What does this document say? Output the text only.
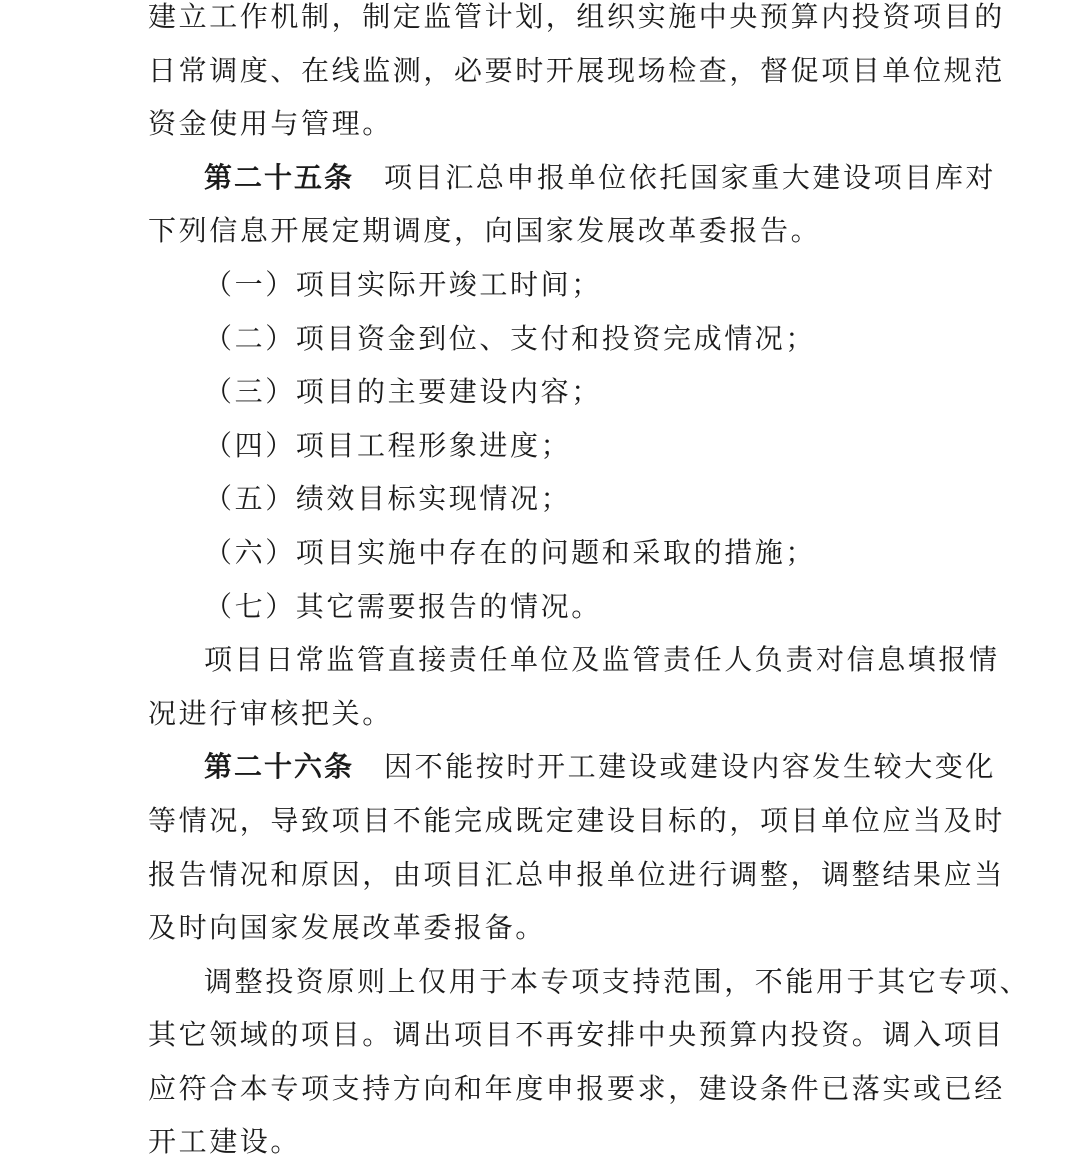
建立工作机制，制定监管计划，组织实施中央预算内投资项目的
日常调度、在线监测，必要时开展现场检查，督促项目单位规范
资金使用与管理。
第二十五条 项目汇总申报单位依托国家重大建设项目库对
下列信息开展定期调度，向国家发展改革委报告。
（一）项目实际开竣工时间；
（二）项目资金到位、支付和投资完成情况；
（三）项目的主要建设内容；
（四）项目工程形象进度；
（五）绩效目标实现情况；
（六）项目实施中存在的问题和采取的措施；
（七）其它需要报告的情况。
项目日常监管直接责任单位及监管责任人负责对信息填报情
况进行审核把关。
第二十六条 因不能按时开工建设或建设内容发生较大变化
等情况，导致项目不能完成既定建设目标的，项目单位应当及时
报告情况和原因，由项目汇总申报单位进行调整，调整结果应当
及时向国家发展改革委报备。
调整投资原则上仅用于本专项支持范围，不能用于其它专项、
其它领域的项目。调出项目不再安排中央预算内投资。调入项目
应符合本专项支持方向和年度申报要求，建设条件已落实或已经
开工建设。
